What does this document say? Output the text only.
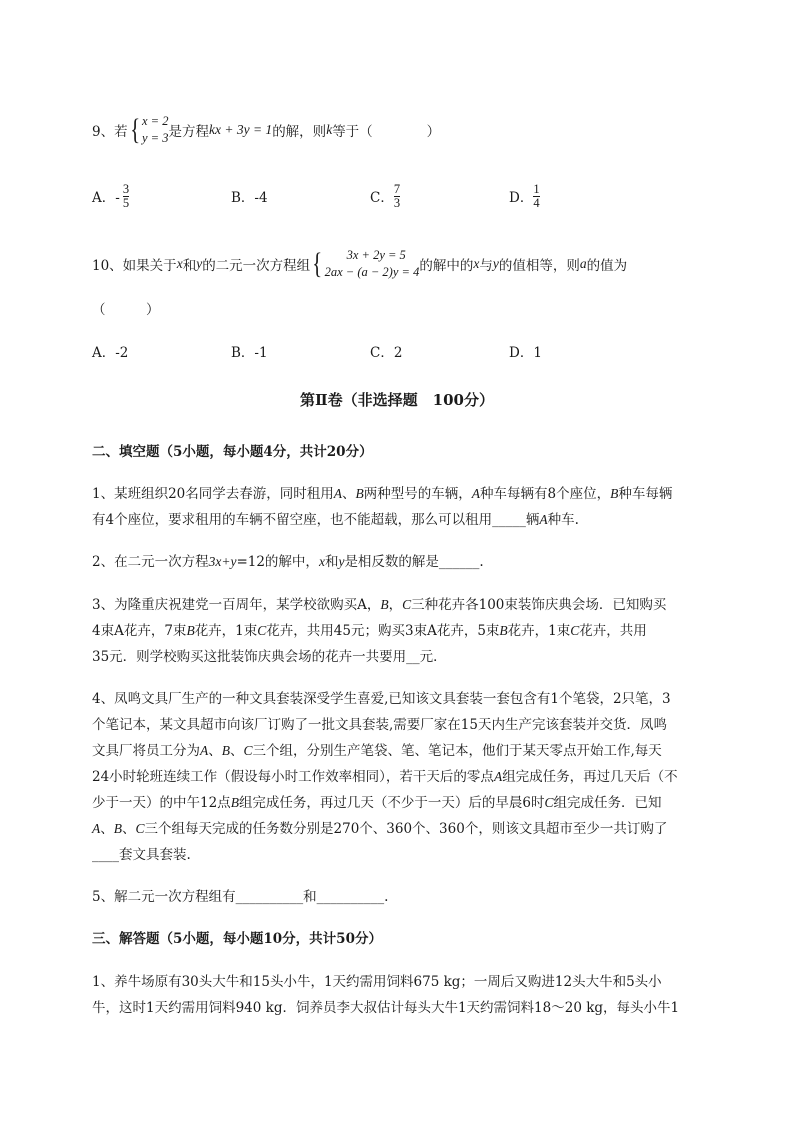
9、若 { x = 2
y = 3 是方程 kx + 3y = 1 的解，则 k 等于（　　　　）
A．- $\frac{3}{5}$	B．-4	C． $\frac{7}{3}$	D． $\frac{1}{4}$
10、如果关于 x 和 y 的二元一次方程组 {	3x + 2y = 5
2ax − (a − 2)y = 4 的解中的 x 与 y 的值相等，则 a 的值为
（　　　）
A．-2	B．-1	C．2	D．1
第Ⅱ卷（非选择题　100分）
二、填空题（5小题，每小题4分，共计20分）
1、某班组织20名同学去春游，同时租用A、B两种型号的车辆，A种车每辆有8个座位，B种车每辆
有4个座位，要求租用的车辆不留空座，也不能超载，那么可以租用_____辆A种车.
2、在二元一次方程3x+y=12的解中，x和y是相反数的解是______.
3、为隆重庆祝建党一百周年，某学校欲购买A，B，C三种花卉各100束装饰庆典会场．已知购买
4束A花卉，7束B花卉，1束C花卉，共用45元；购买3束A花卉，5束B花卉，1束C花卉，共用
35元．则学校购买这批装饰庆典会场的花卉一共要用__元．
4、凤鸣文具厂生产的一种文具套装深受学生喜爱,已知该文具套装一套包含有1个笔袋，2只笔，3
个笔记本，某文具超市向该厂订购了一批文具套装,需要厂家在15天内生产完该套装并交货．凤鸣
文具厂将员工分为A、B、C三个组，分别生产笔袋、笔、笔记本，他们于某天零点开始工作,每天
24小时轮班连续工作（假设每小时工作效率相同），若干天后的零点A组完成任务，再过几天后（不
少于一天）的中午12点B组完成任务，再过几天（不少于一天）后的早晨6时C组完成任务．已知
A、B、C三个组每天完成的任务数分别是270个、360个、360个，则该文具超市至少一共订购了
____套文具套装.
5、解二元一次方程组有__________和__________.
三、解答题（5小题，每小题10分，共计50分）
1、养牛场原有30头大牛和15头小牛，1天约需用饲料675 kg；一周后又购进12头大牛和5头小
牛，这时1天约需用饲料940 kg．饲养员李大叔估计每头大牛1天约需饲料18～20 kg，每头小牛1
